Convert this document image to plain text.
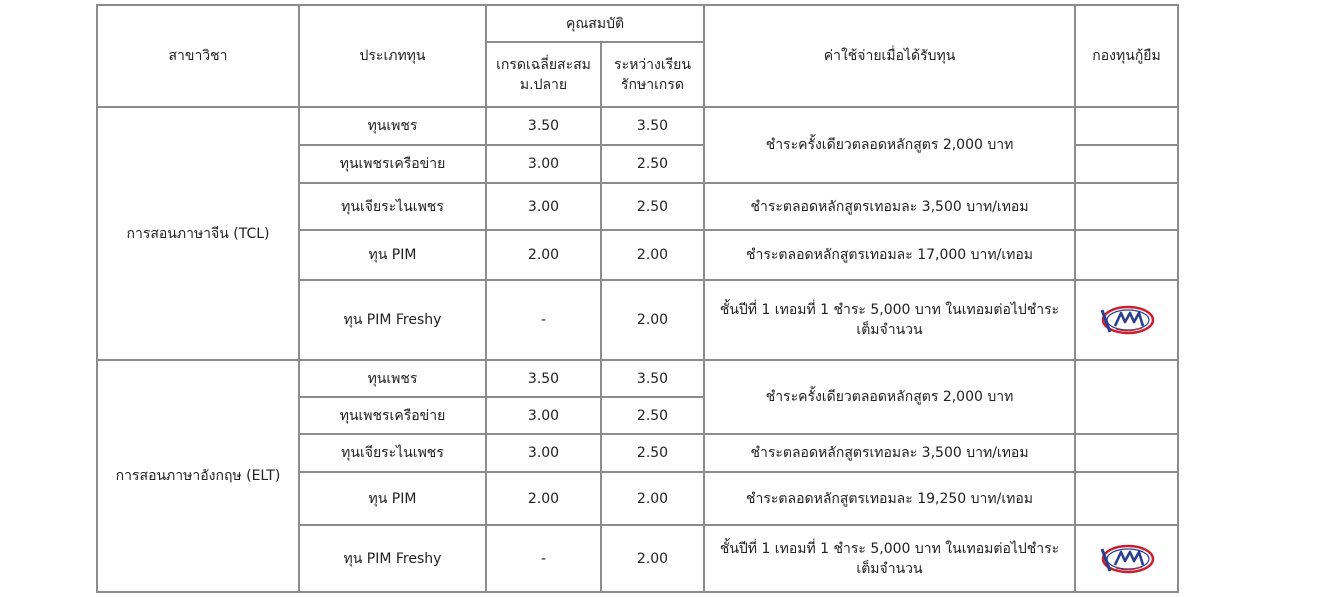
สาขาวิชา	ประเภททุน	คุณสมบัติ		ค่าใช้จ่ายเมื่อได้รับทุน	กองทุนกู้ยืม
		เกรดเฉลี่ยสะสม ม.ปลาย	ระหว่างเรียน รักษาเกรด		
การสอนภาษาจีน (TCL)	ทุนเพชร	3.50	3.50	ชำระครั้งเดียวตลอดหลักสูตร 2,000 บาท	
	ทุนเพชรเครือข่าย	3.00	2.50		
	ทุนเจียระไนเพชร	3.00	2.50	ชำระตลอดหลักสูตรเทอมละ 3,500 บาท/เทอม	
	ทุน PIM	2.00	2.00	ชำระตลอดหลักสูตรเทอมละ 17,000 บาท/เทอม	
	ทุน PIM Freshy	-	2.00	ชั้นปีที่ 1 เทอมที่ 1 ชำระ 5,000 บาท ในเทอมต่อไปชำระเต็มจำนวน	
การสอนภาษาอังกฤษ (ELT)	ทุนเพชร	3.50	3.50	ชำระครั้งเดียวตลอดหลักสูตร 2,000 บาท	
	ทุนเพชรเครือข่าย	3.00	2.50		
	ทุนเจียระไนเพชร	3.00	2.50	ชำระตลอดหลักสูตรเทอมละ 3,500 บาท/เทอม	
	ทุน PIM	2.00	2.00	ชำระตลอดหลักสูตรเทอมละ 19,250 บาท/เทอม	
	ทุน PIM Freshy	-	2.00	ชั้นปีที่ 1 เทอมที่ 1 ชำระ 5,000 บาท ในเทอมต่อไปชำระเต็มจำนวน	
